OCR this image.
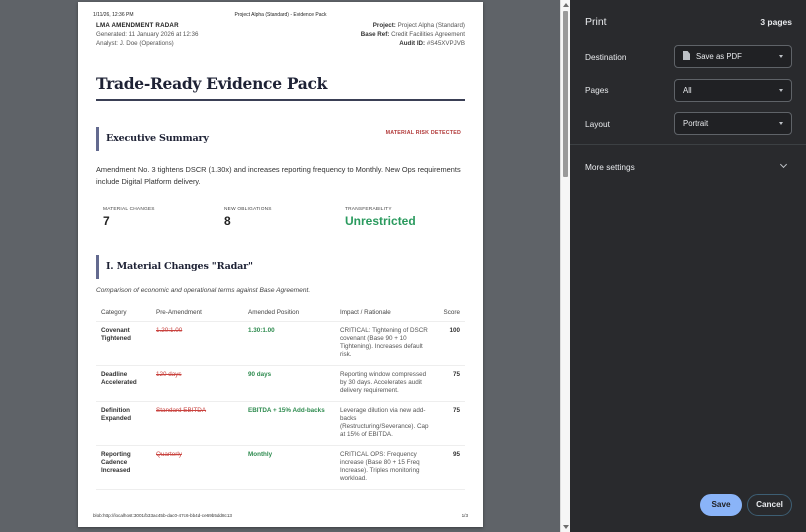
1/11/26, 12:36 PM	Project Alpha (Standard) - Evidence Pack
LMA AMENDMENT RADAR
Generated: 11 January 2026 at 12:36
Analyst: J. Doe (Operations)
Project: Project Alpha (Standard)
Base Ref: Credit Facilities Agreement
Audit ID: #S45XVPJVB
Trade-Ready Evidence Pack
Executive Summary	MATERIAL RISK DETECTED
Amendment No. 3 tightens DSCR (1.30x) and increases reporting frequency to Monthly. New Ops requirements include Digital Platform delivery.
MATERIAL CHANGES
7
NEW OBLIGATIONS
8
TRANSFERABILITY
Unrestricted
I. Material Changes "Radar"
Comparison of economic and operational terms against Base Agreement.
Category	Pre-Amendment	Amended Position	Impact / Rationale	Score
Covenant Tightened	1.20:1.00	1.30:1.00	CRITICAL: Tightening of DSCR covenant (Base 90 + 10 Tightening). Increases default risk.	100
Deadline Accelerated	120 days	90 days	Reporting window compressed by 30 days. Accelerates audit delivery requirement.	75
Definition Expanded	Standard EBITDA	EBITDA + 15% Add-backs	Leverage dilution via new add-backs (Restructuring/Severance). Cap at 15% of EBITDA.	75
Reporting Cadence Increased	Quarterly	Monthly	CRITICAL OPS: Frequency increase (Base 80 + 15 Freq Increase). Triples monitoring workload.	95
blob:http://localhost:3001/b33ac45b-dac0-47c6-bb4d-ce69b5dd8c13	1/3
Print	3 pages
Destination	Save as PDF
Pages	All
Layout	Portrait
More settings
Save	Cancel
